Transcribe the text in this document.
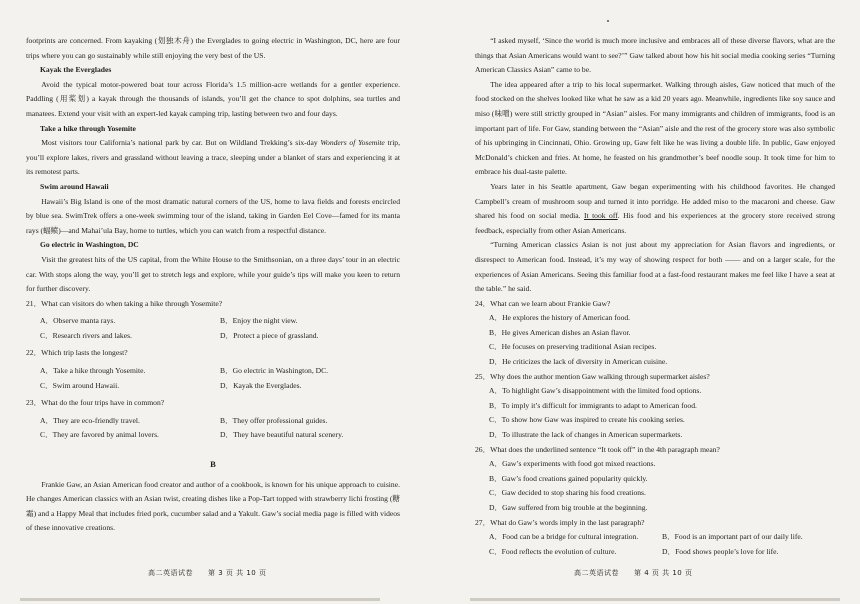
footprints are concerned. From kayaking (划独木舟) the Everglades to going electric in Washington, DC, here are four trips where you can go sustainably while still enjoying the very best of the US.

Kayak the Everglades

Avoid the typical motor-powered boat tour across Florida’s 1.5 million-acre wetlands for a gentler experience. Paddling (用桨划) a kayak through the thousands of islands, you’ll get the chance to spot dolphins, sea turtles and manatees. Extend your visit with an expert-led kayak camping trip, lasting between two and four days.

Take a hike through Yosemite

Most visitors tour California’s national park by car. But on Wildland Trekking’s six-day Wonders of Yosemite trip, you’ll explore lakes, rivers and grassland without leaving a trace, sleeping under a blanket of stars and experiencing it at its remotest parts.

Swim around Hawaii

Hawaii’s Big Island is one of the most dramatic natural corners of the US, home to lava fields and forests encircled by blue sea. SwimTrek offers a one-week swimming tour of the island, taking in Garden Eel Cove—famed for its manta rays (蝠鲼)—and Mahai’ula Bay, home to turtles, which you can watch from a respectful distance.

Go electric in Washington, DC

Visit the greatest hits of the US capital, from the White House to the Smithsonian, on a three days’ tour in an electric car. With stops along the way, you’ll get to stretch legs and explore, while your guide’s tips will make you keen to return for further discovery.

21．What can visitors do when taking a hike through Yosemite?

A．Observe manta rays.	B．Enjoy the night view.
C．Research rivers and lakes.	D．Protect a piece of grassland.

22．Which trip lasts the longest?

A．Take a hike through Yosemite.	B．Go electric in Washington, DC.
C．Swim around Hawaii.	D．Kayak the Everglades.

23．What do the four trips have in common?

A．They are eco-friendly travel.	B．They offer professional guides.
C．They are favored by animal lovers.	D．They have beautiful natural scenery.
B

Frankie Gaw, an Asian American food creator and author of a cookbook, is known for his unique approach to cuisine. He changes American classics with an Asian twist, creating dishes like a Pop-Tart topped with strawberry lichi frosting (糖霜) and a Happy Meal that includes fried pork, cucumber salad and a Yakult. Gaw’s social media page is filled with videos of these innovative creations.

高二英语试卷　　第 3 页 共 10 页

“I asked myself, ‘Since the world is much more inclusive and embraces all of these diverse flavors, what are the things that Asian Americans would want to see?’” Gaw talked about how his hit social media cooking series “Turning American Classics Asian” came to be.

The idea appeared after a trip to his local supermarket. Walking through aisles, Gaw noticed that much of the food stocked on the shelves looked like what he saw as a kid 20 years ago. Meanwhile, ingredients like soy sauce and miso (味噌) were still strictly grouped in “Asian” aisles. For many immigrants and children of immigrants, food is an important part of life. For Gaw, standing between the “Asian” aisle and the rest of the grocery store was also symbolic of his upbringing in Cincinnati, Ohio. Growing up, Gaw felt like he was living a double life. In public, Gaw enjoyed McDonald’s chicken and fries. At home, he feasted on his grandmother’s beef noodle soup. It took time for him to embrace his dual-taste palette.

Years later in his Seattle apartment, Gaw began experimenting with his childhood favorites. He changed Campbell’s cream of mushroom soup and turned it into porridge. He added miso to the macaroni and cheese. Gaw shared his food on social media. It took off. His food and his experiences at the grocery store received strong feedback, especially from other Asian Americans.

“Turning American classics Asian is not just about my appreciation for Asian flavors and ingredients, or disrespect to American food. Instead, it’s my way of showing respect for both —— and on a larger scale, for the experiences of Asian Americans. Seeing this familiar food at a fast-food restaurant makes me feel like I have a seat at the table.” he said.

24．What can we learn about Frankie Gaw?

A．He explores the history of American food.
B．He gives American dishes an Asian flavor.
C．He focuses on preserving traditional Asian recipes.
D．He criticizes the lack of diversity in American cuisine.

25．Why does the author mention Gaw walking through supermarket aisles?

A．To highlight Gaw’s disappointment with the limited food options.
B．To imply it’s difficult for immigrants to adapt to American food.
C．To show how Gaw was inspired to create his cooking series.
D．To illustrate the lack of changes in American supermarkets.

26．What does the underlined sentence “It took off” in the 4th paragraph mean?

A．Gaw’s experiments with food got mixed reactions.
B．Gaw’s food creations gained popularity quickly.
C．Gaw decided to stop sharing his food creations.
D．Gaw suffered from big trouble at the beginning.

27．What do Gaw’s words imply in the last paragraph?

A．Food can be a bridge for cultural integration.	B．Food is an important part of our daily life.
C．Food reflects the evolution of culture.	D．Food shows people’s love for life.
高二英语试卷　　第 4 页 共 10 页
